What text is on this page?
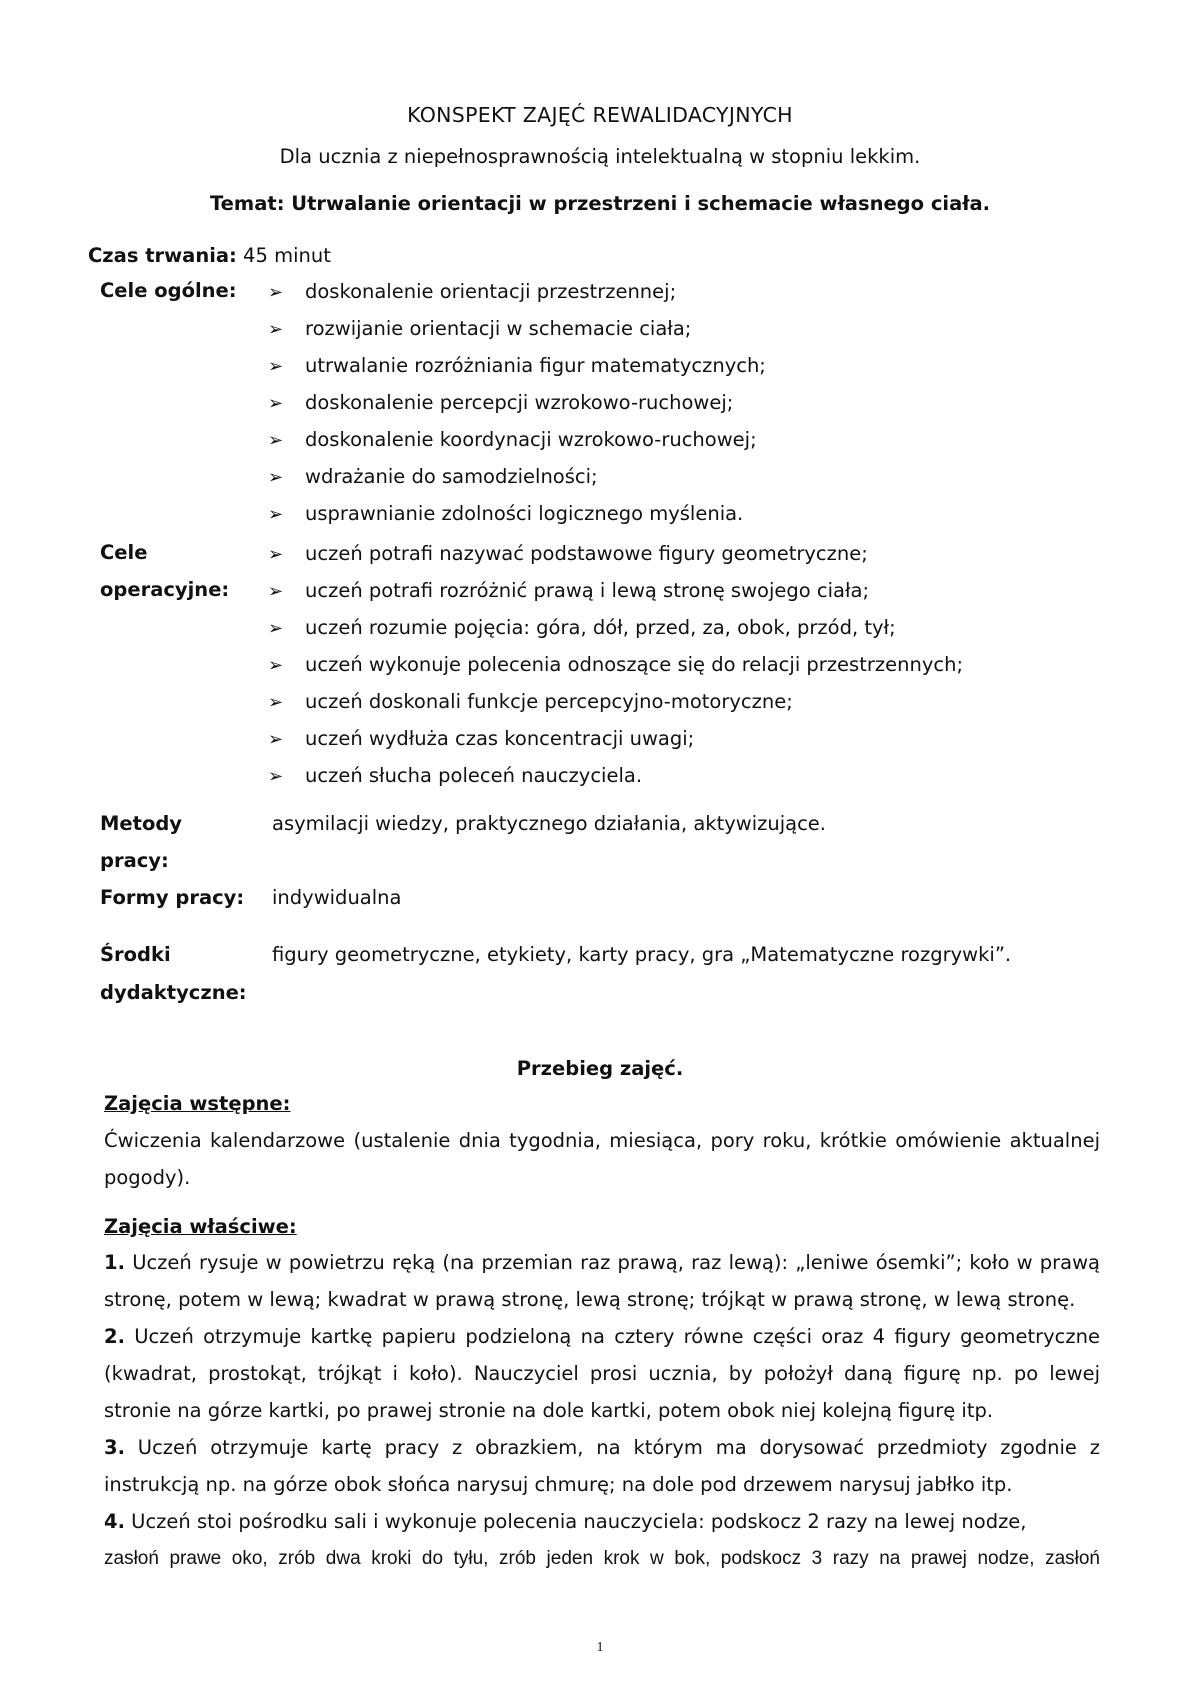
KONSPEKT ZAJĘĆ REWALIDACYJNYCH
Dla ucznia z niepełnosprawnością intelektualną w stopniu lekkim.
Temat: Utrwalanie orientacji w przestrzeni i schemacie własnego ciała.
Czas trwania: 45 minut
Cele ogólne: ➢ doskonalenie orientacji przestrzennej;
➢ rozwijanie orientacji w schemacie ciała;
➢ utrwalanie rozróżniania figur matematycznych;
➢ doskonalenie percepcji wzrokowo-ruchowej;
➢ doskonalenie koordynacji wzrokowo-ruchowej;
➢ wdrażanie do samodzielności;
➢ usprawnianie zdolności logicznego myślenia.
Cele
operacyjne:
➢ uczeń potrafi nazywać podstawowe figury geometryczne;
➢ uczeń potrafi rozróżnić prawą i lewą stronę swojego ciała;
➢ uczeń rozumie pojęcia: góra, dół, przed, za, obok, przód, tył;
➢ uczeń wykonuje polecenia odnoszące się do relacji przestrzennych;
➢ uczeń doskonali funkcje percepcyjno-motoryczne;
➢ uczeń wydłuża czas koncentracji uwagi;
➢ uczeń słucha poleceń nauczyciela.
Metody
pracy:
asymilacji wiedzy, praktycznego działania, aktywizujące.
Formy pracy: indywidualna
Środki
dydaktyczne:
figury geometryczne, etykiety, karty pracy, gra „Matematyczne rozgrywki”.
Przebieg zajęć.
Zajęcia wstępne:
Ćwiczenia kalendarzowe (ustalenie dnia tygodnia, miesiąca, pory roku, krótkie omówienie aktualnej pogody).
Zajęcia właściwe:
1. Uczeń rysuje w powietrzu ręką (na przemian raz prawą, raz lewą): „leniwe ósemki”; koło w prawą stronę, potem w lewą; kwadrat w prawą stronę, lewą stronę; trójkąt w prawą stronę, w lewą stronę.
2. Uczeń otrzymuje kartkę papieru podzieloną na cztery równe części oraz 4 figury geometryczne (kwadrat, prostokąt, trójkąt i koło). Nauczyciel prosi ucznia, by położył daną figurę np. po lewej stronie na górze kartki, po prawej stronie na dole kartki, potem obok niej kolejną figurę itp.
3. Uczeń otrzymuje kartę pracy z obrazkiem, na którym ma dorysować przedmioty zgodnie z instrukcją np. na górze obok słońca narysuj chmurę; na dole pod drzewem narysuj jabłko itp.
4. Uczeń stoi pośrodku sali i wykonuje polecenia nauczyciela: podskocz 2 razy na lewej nodze,
zasłoń prawe oko, zrób dwa kroki do tyłu, zrób jeden krok w bok, podskocz 3 razy na prawej nodze, zasłoń
1
